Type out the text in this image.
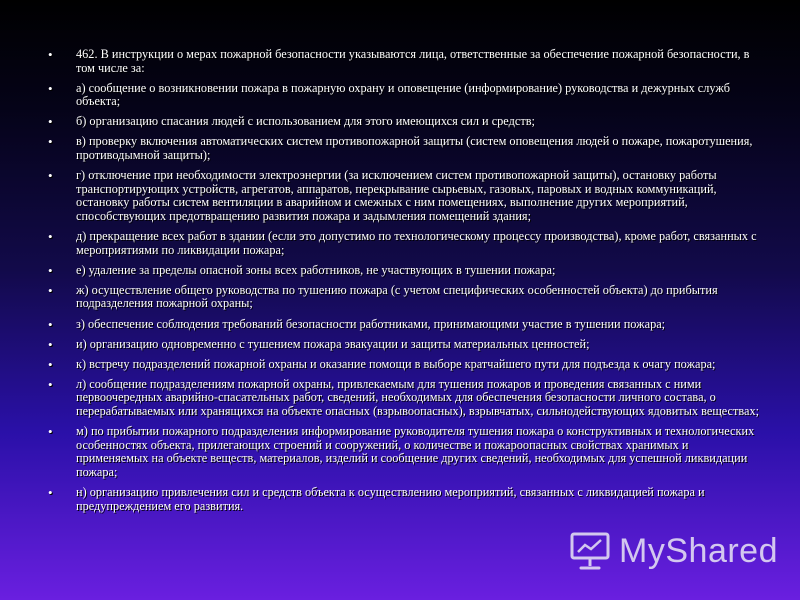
• 462. В инструкции о мерах пожарной безопасности указываются лица, ответственные за обеспечение пожарной безопасности, в том числе за:
• а) сообщение о возникновении пожара в пожарную охрану и оповещение (информирование) руководства и дежурных служб объекта;
• б) организацию спасания людей с использованием для этого имеющихся сил и средств;
• в) проверку включения автоматических систем противопожарной защиты (систем оповещения людей о пожаре, пожаротушения, противодымной защиты);
• г) отключение при необходимости электроэнергии (за исключением систем противопожарной защиты), остановку работы транспортирующих устройств, агрегатов, аппаратов, перекрывание сырьевых, газовых, паровых и водных коммуникаций, остановку работы систем вентиляции в аварийном и смежных с ним помещениях, выполнение других мероприятий, способствующих предотвращению развития пожара и задымления помещений здания;
• д) прекращение всех работ в здании (если это допустимо по технологическому процессу производства), кроме работ, связанных с мероприятиями по ликвидации пожара;
• е) удаление за пределы опасной зоны всех работников, не участвующих в тушении пожара;
• ж) осуществление общего руководства по тушению пожара (с учетом специфических особенностей объекта) до прибытия подразделения пожарной охраны;
• з) обеспечение соблюдения требований безопасности работниками, принимающими участие в тушении пожара;
• и) организацию одновременно с тушением пожара эвакуации и защиты материальных ценностей;
• к) встречу подразделений пожарной охраны и оказание помощи в выборе кратчайшего пути для подъезда к очагу пожара;
• л) сообщение подразделениям пожарной охраны, привлекаемым для тушения пожаров и проведения связанных с ними первоочередных аварийно-спасательных работ, сведений, необходимых для обеспечения безопасности личного состава, о перерабатываемых или хранящихся на объекте опасных (взрывоопасных), взрывчатых, сильнодействующих ядовитых веществах;
• м) по прибытии пожарного подразделения информирование руководителя тушения пожара о конструктивных и технологических особенностях объекта, прилегающих строений и сооружений, о количестве и пожароопасных свойствах хранимых и применяемых на объекте веществ, материалов, изделий и сообщение других сведений, необходимых для успешной ликвидации пожара;
• н) организацию привлечения сил и средств объекта к осуществлению мероприятий, связанных с ликвидацией пожара и предупреждением его развития.
MyShared
